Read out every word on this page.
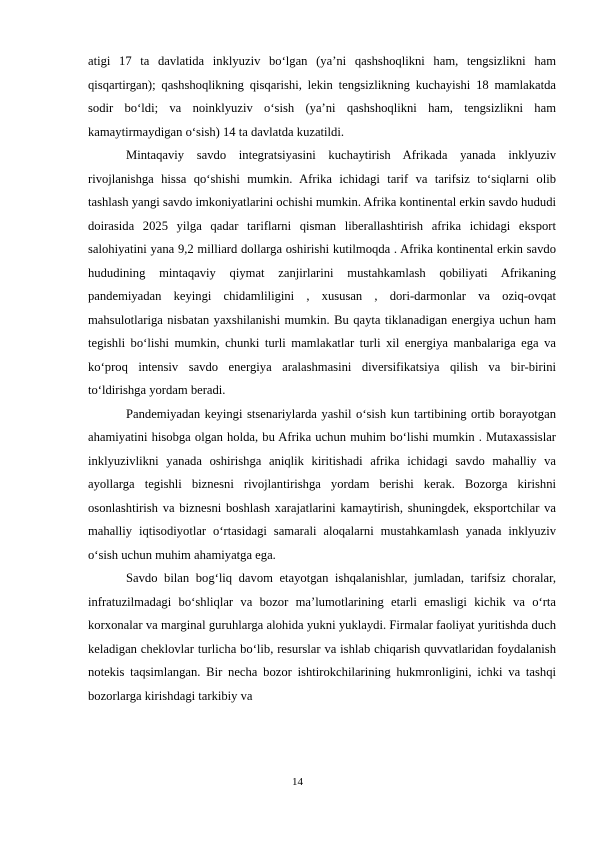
atigi 17 ta davlatida inklyuziv bo‘lgan (ya’ni qashshoqlikni ham, tengsizlikni ham qisqartirgan); qashshoqlikning qisqarishi, lekin tengsizlikning kuchayishi 18 mamlakatda sodir bo‘ldi; va noinklyuziv o‘sish (ya’ni qashshoqlikni ham, tengsizlikni ham kamaytirmaydigan o‘sish) 14 ta davlatda kuzatildi.

Mintaqaviy savdo integratsiyasini kuchaytirish Afrikada yanada inklyuziv rivojlanishga hissa qo‘shishi mumkin. Afrika ichidagi tarif va tarifsiz to‘siqlarni olib tashlash yangi savdo imkoniyatlarini ochishi mumkin. Afrika kontinental erkin savdo hududi doirasida 2025 yilga qadar tariflarni qisman liberallashtirish afrika ichidagi eksport salohiyatini yana 9,2 milliard dollarga oshirishi kutilmoqda . Afrika kontinental erkin savdo hududining mintaqaviy qiymat zanjirlarini mustahkamlash qobiliyati Afrikaning pandemiyadan keyingi chidamliligini , xususan , dori-darmonlar va oziq-ovqat mahsulotlariga nisbatan yaxshilanishi mumkin. Bu qayta tiklanadigan energiya uchun ham tegishli bo‘lishi mumkin, chunki turli mamlakatlar turli xil energiya manbalariga ega va ko‘proq intensiv savdo energiya aralashmasini diversifikatsiya qilish va bir-birini to‘ldirishga yordam beradi.

Pandemiyadan keyingi stsenariylarda yashil o‘sish kun tartibining ortib borayotgan ahamiyatini hisobga olgan holda, bu Afrika uchun muhim bo‘lishi mumkin . Mutaxassislar inklyuzivlikni yanada oshirishga aniqlik kiritishadi afrika ichidagi savdo mahalliy va ayollarga tegishli biznesni rivojlantirishga yordam berishi kerak. Bozorga kirishni osonlashtirish va biznesni boshlash xarajatlarini kamaytirish, shuningdek, eksportchilar va mahalliy iqtisodiyotlar o‘rtasidagi samarali aloqalarni mustahkamlash yanada inklyuziv o‘sish uchun muhim ahamiyatga ega.

Savdo bilan bog‘liq davom etayotgan ishqalanishlar, jumladan, tarifsiz choralar, infratuzilmadagi bo‘shliqlar va bozor ma’lumotlarining etarli emasligi kichik va o‘rta korxonalar va marginal guruhlarga alohida yukni yuklaydi. Firmalar faoliyat yuritishda duch keladigan cheklovlar turlicha bo‘lib, resurslar va ishlab chiqarish quvvatlaridan foydalanish notekis taqsimlangan. Bir necha bozor ishtirokchilarining hukmronligini, ichki va tashqi bozorlarga kirishdagi tarkibiy va

14
